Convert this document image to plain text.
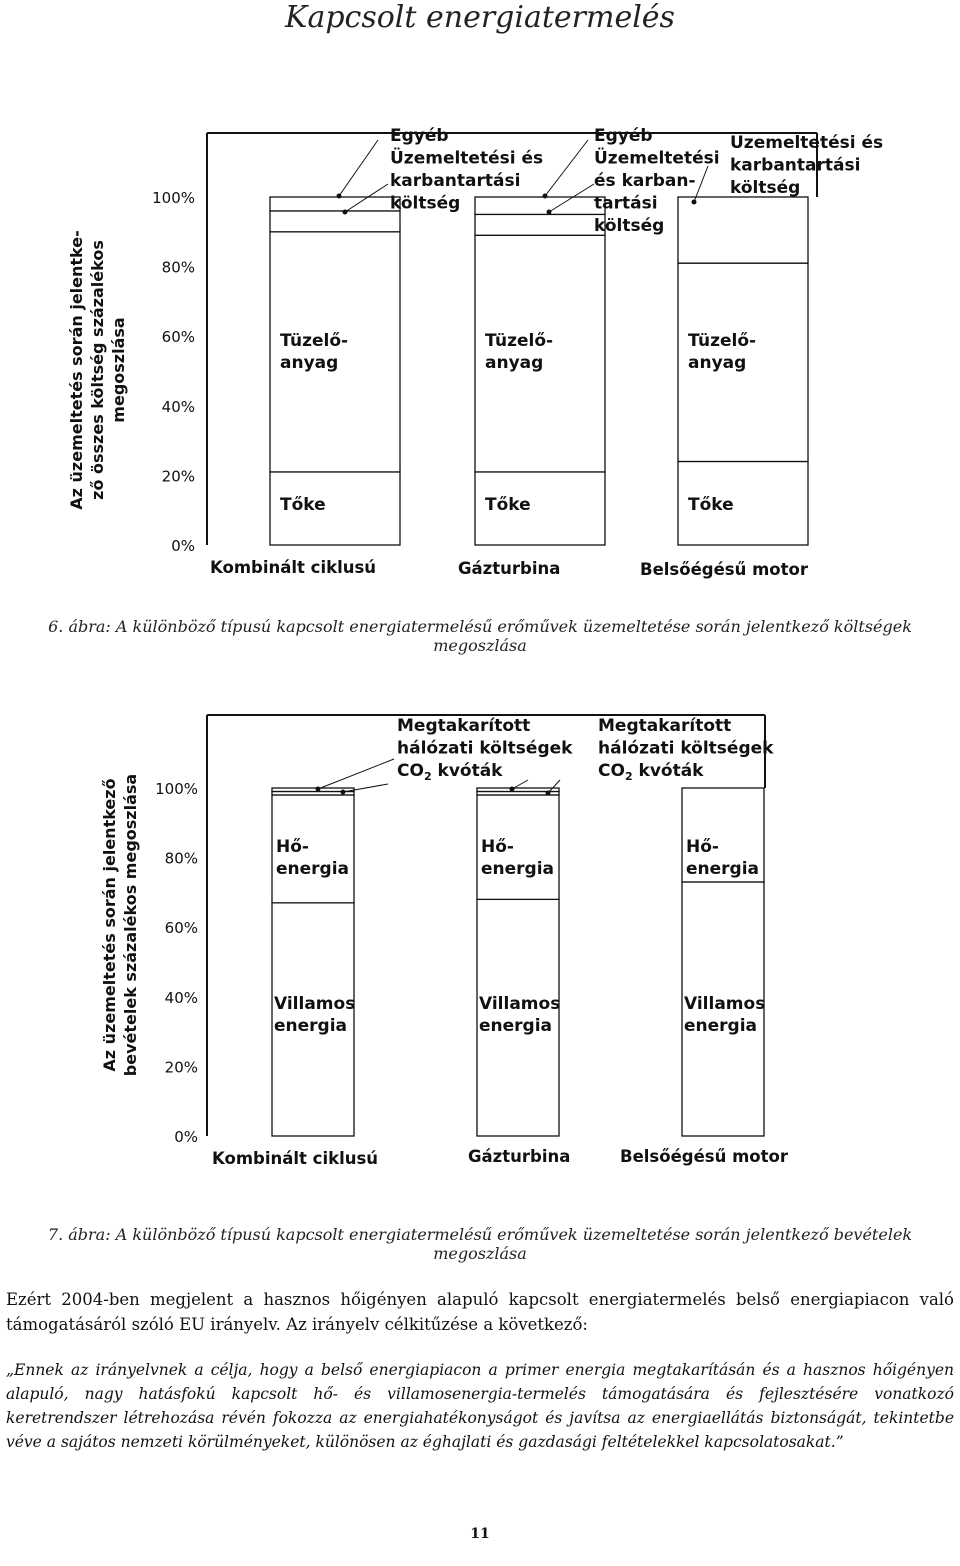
Kapcsolt energiatermelés
Az üzemeltetés során jelentke- ző összes költség százalékos megoszlása
100%
80%
60%
40%
20%
0%
Kombinált ciklusú	Gázturbina	Belsőégésű motor
Tőke
Tüzelő-
anyag
Tőke
Tüzelő-
anyag
Tőke
Tüzelő-
anyag
Egyéb
Üzemeltetési és
karbantartási
költség
Egyéb
Üzemeltetési
és karban-
tartási
költség
Üzemeltetési és
karbantartási
költség
6. ábra: A különböző típusú kapcsolt energiatermelésű erőművek üzemeltetése során jelentkező költségek megoszlása
Az üzemeltetés során jelentkező bevételek százalékos megoszlása 100%
80%
60%
40%
20%
0%
Kombinált ciklusú	Gázturbina	Belsőégésű motor
Hő-
energia
Villamos
energia
Hő-
energia
Villamos
energia
Hő-
energia
Villamos
energia
Megtakarított
hálózati költségek
$CO_2$ kvóták
Megtakarított
hálózati költségek
$CO_2$ kvóták
7. ábra: A különböző típusú kapcsolt energiatermelésű erőművek üzemeltetése során jelentkező bevételek megoszlása
Ezért 2004-ben megjelent a hasznos hőigényen alapuló kapcsolt energiatermelés belső energiapiacon való támogatásáról szóló EU irányelv. Az irányelv célkitűzése a következő:
„Ennek az irányelvnek a célja, hogy a belső energiapiacon a primer energia megtakarításán és a hasznos hőigényen alapuló, nagy hatásfokú kapcsolt hő- és villamosenergia-termelés támogatására és fejlesztésére vonatkozó keretrendszer létrehozása révén fokozza az energiahatékonyságot és javítsa az energiaellátás biztonságát, tekintetbe véve a sajátos nemzeti körülményeket, különösen az éghajlati és gazdasági feltételekkel kapcsolatosakat.”
11
